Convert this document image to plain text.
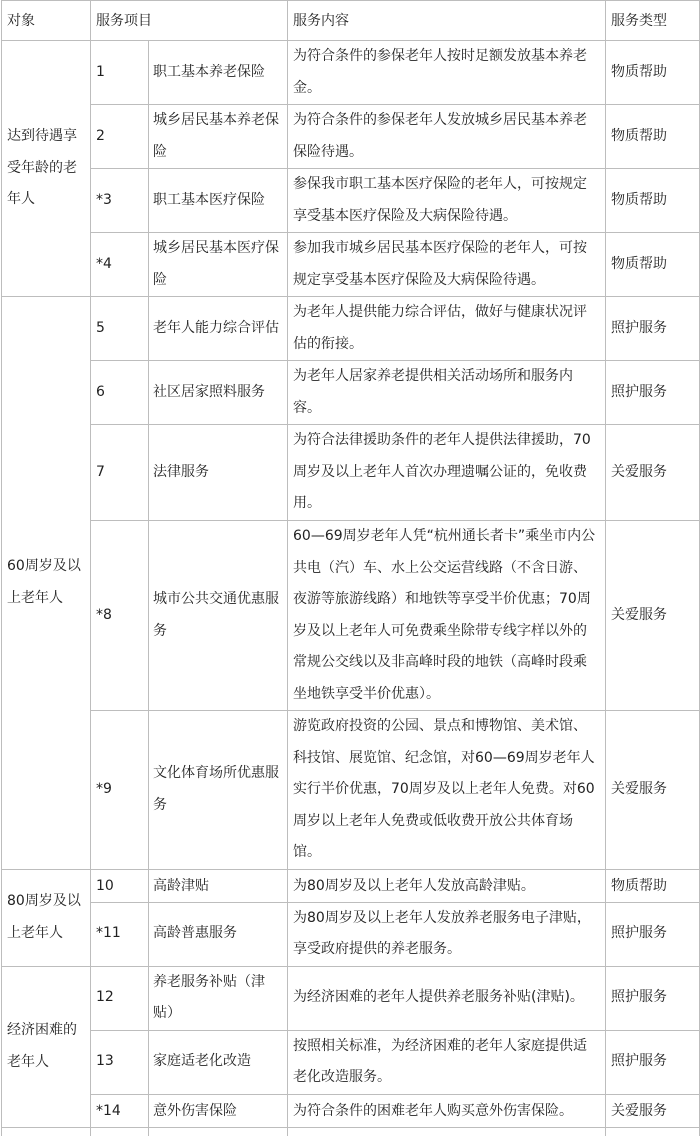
对象	服务项目		服务内容	服务类型
达到待遇享受年龄的老年人	1	职工基本养老保险	为符合条件的参保老年人按时足额发放基本养老金。	物质帮助
	2	城乡居民基本养老保险	为符合条件的参保老年人发放城乡居民基本养老保险待遇。	物质帮助
	*3	职工基本医疗保险	参保我市职工基本医疗保险的老年人，可按规定享受基本医疗保险及大病保险待遇。	物质帮助
	*4	城乡居民基本医疗保险	参加我市城乡居民基本医疗保险的老年人，可按规定享受基本医疗保险及大病保险待遇。	物质帮助
60周岁及以上老年人	5	老年人能力综合评估	为老年人提供能力综合评估，做好与健康状况评估的衔接。	照护服务
	6	社区居家照料服务	为老年人居家养老提供相关活动场所和服务内容。	照护服务
	7	法律服务	为符合法律援助条件的老年人提供法律援助，70周岁及以上老年人首次办理遗嘱公证的，免收费用。	关爱服务
	*8	城市公共交通优惠服务	60—69周岁老年人凭“杭州通长者卡”乘坐市内公共电（汽）车、水上公交运营线路（不含日游、夜游等旅游线路）和地铁等享受半价优惠；70周岁及以上老年人可免费乘坐除带专线字样以外的常规公交线以及非高峰时段的地铁（高峰时段乘坐地铁享受半价优惠）。	关爱服务
	*9	文化体育场所优惠服务	游览政府投资的公园、景点和博物馆、美术馆、科技馆、展览馆、纪念馆，对60—69周岁老年人实行半价优惠，70周岁及以上老年人免费。对60周岁以上老年人免费或低收费开放公共体育场馆。	关爱服务
80周岁及以上老年人	10	高龄津贴	为80周岁及以上老年人发放高龄津贴。	物质帮助
	*11	高龄普惠服务	为80周岁及以上老年人发放养老服务电子津贴，享受政府提供的养老服务。	照护服务
经济困难的老年人	12	养老服务补贴（津贴）	为经济困难的老年人提供养老服务补贴(津贴)。	照护服务
	13	家庭适老化改造	按照相关标准，为经济困难的老年人家庭提供适老化改造服务。	照护服务
	*14	意外伤害保险	为符合条件的困难老年人购买意外伤害保险。	关爱服务
